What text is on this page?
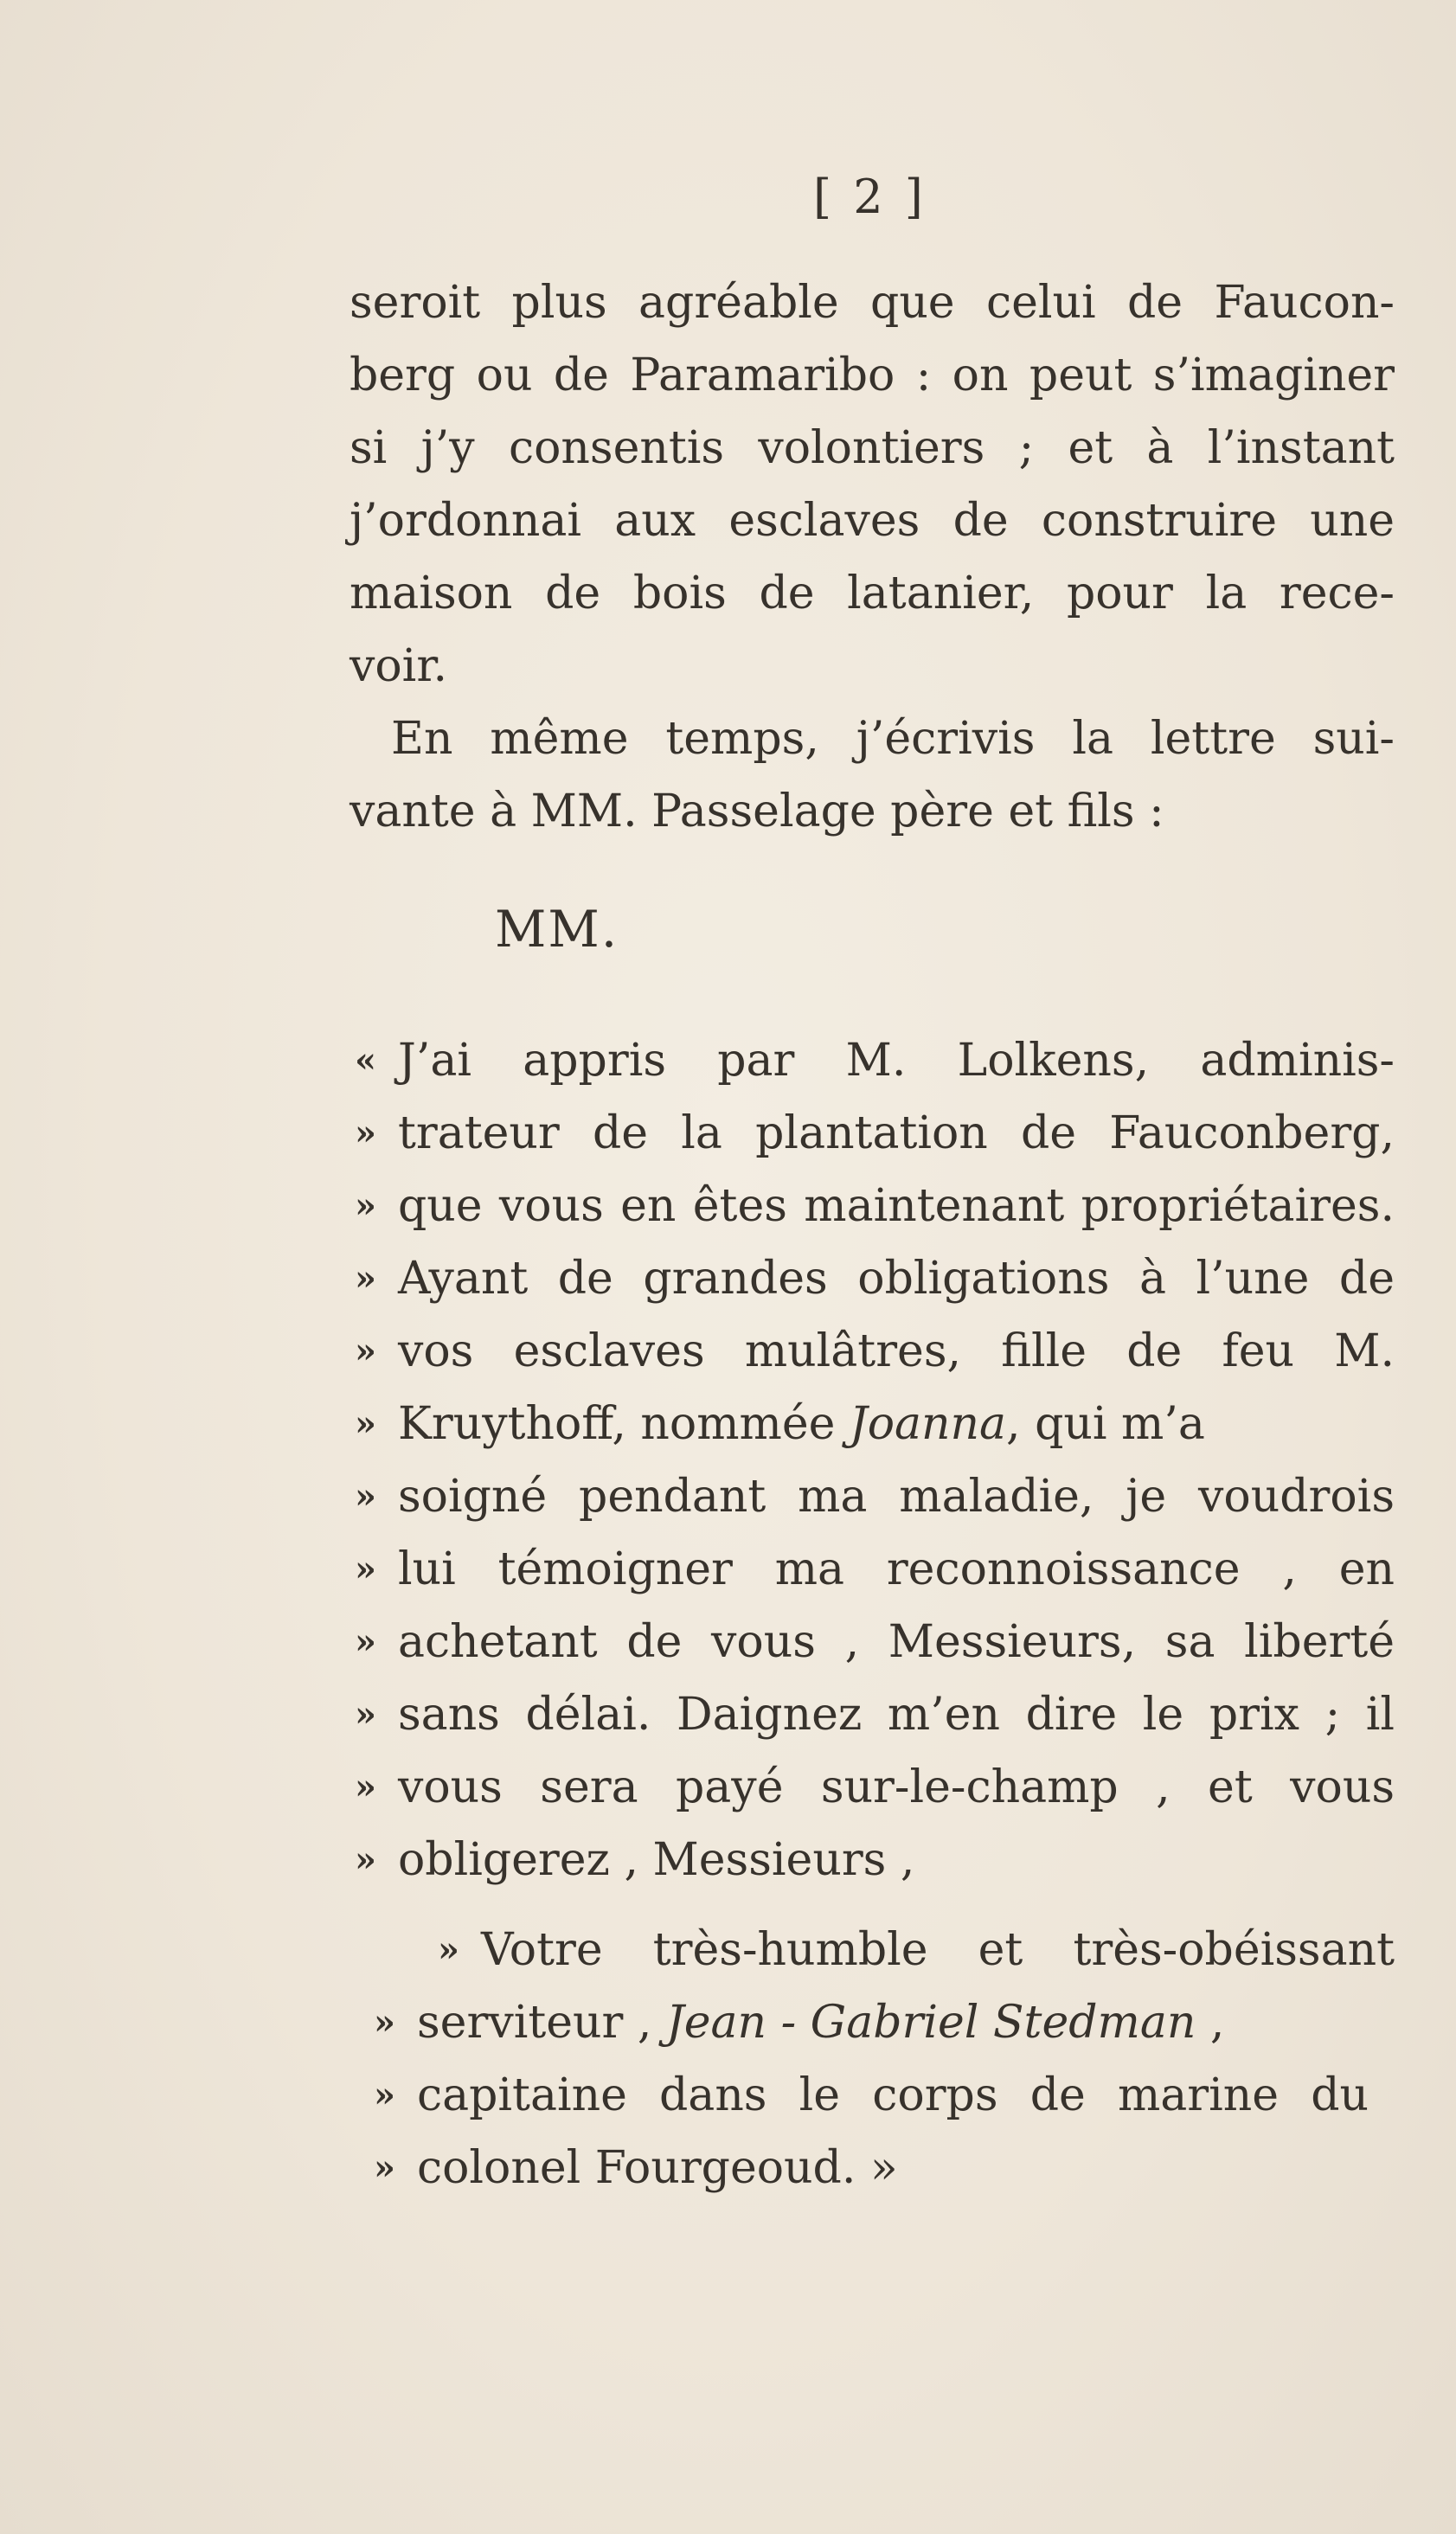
[ 2 ]
seroit plus agréable que celui de Faucon-
berg ou de Paramaribo : on peut s’imaginer
si j’y consentis volontiers ; et à l’instant
j’ordonnai aux esclaves de construire une
maison de bois de latanier, pour la rece-
voir.
En même temps, j’écrivis la lettre sui-
vante à MM. Passelage père et fils :
MM.
« J’ai appris par M. Lolkens, adminis-
» trateur de la plantation de Fauconberg,
» que vous en êtes maintenant propriétaires.
» Ayant de grandes obligations à l’une de
» vos esclaves mulâtres, fille de feu M.
» Kruythoff, nommée Joanna, qui m’a
» soigné pendant ma maladie, je voudrois
» lui témoigner ma reconnoissance , en
» achetant de vous , Messieurs, sa liberté
» sans délai. Daignez m’en dire le prix ; il
» vous sera payé sur-le-champ , et vous
» obligerez , Messieurs ,
» Votre très-humble et très-obéissant
» serviteur , Jean - Gabriel Stedman ,
» capitaine dans le corps de marine du
» colonel Fourgeoud. »
